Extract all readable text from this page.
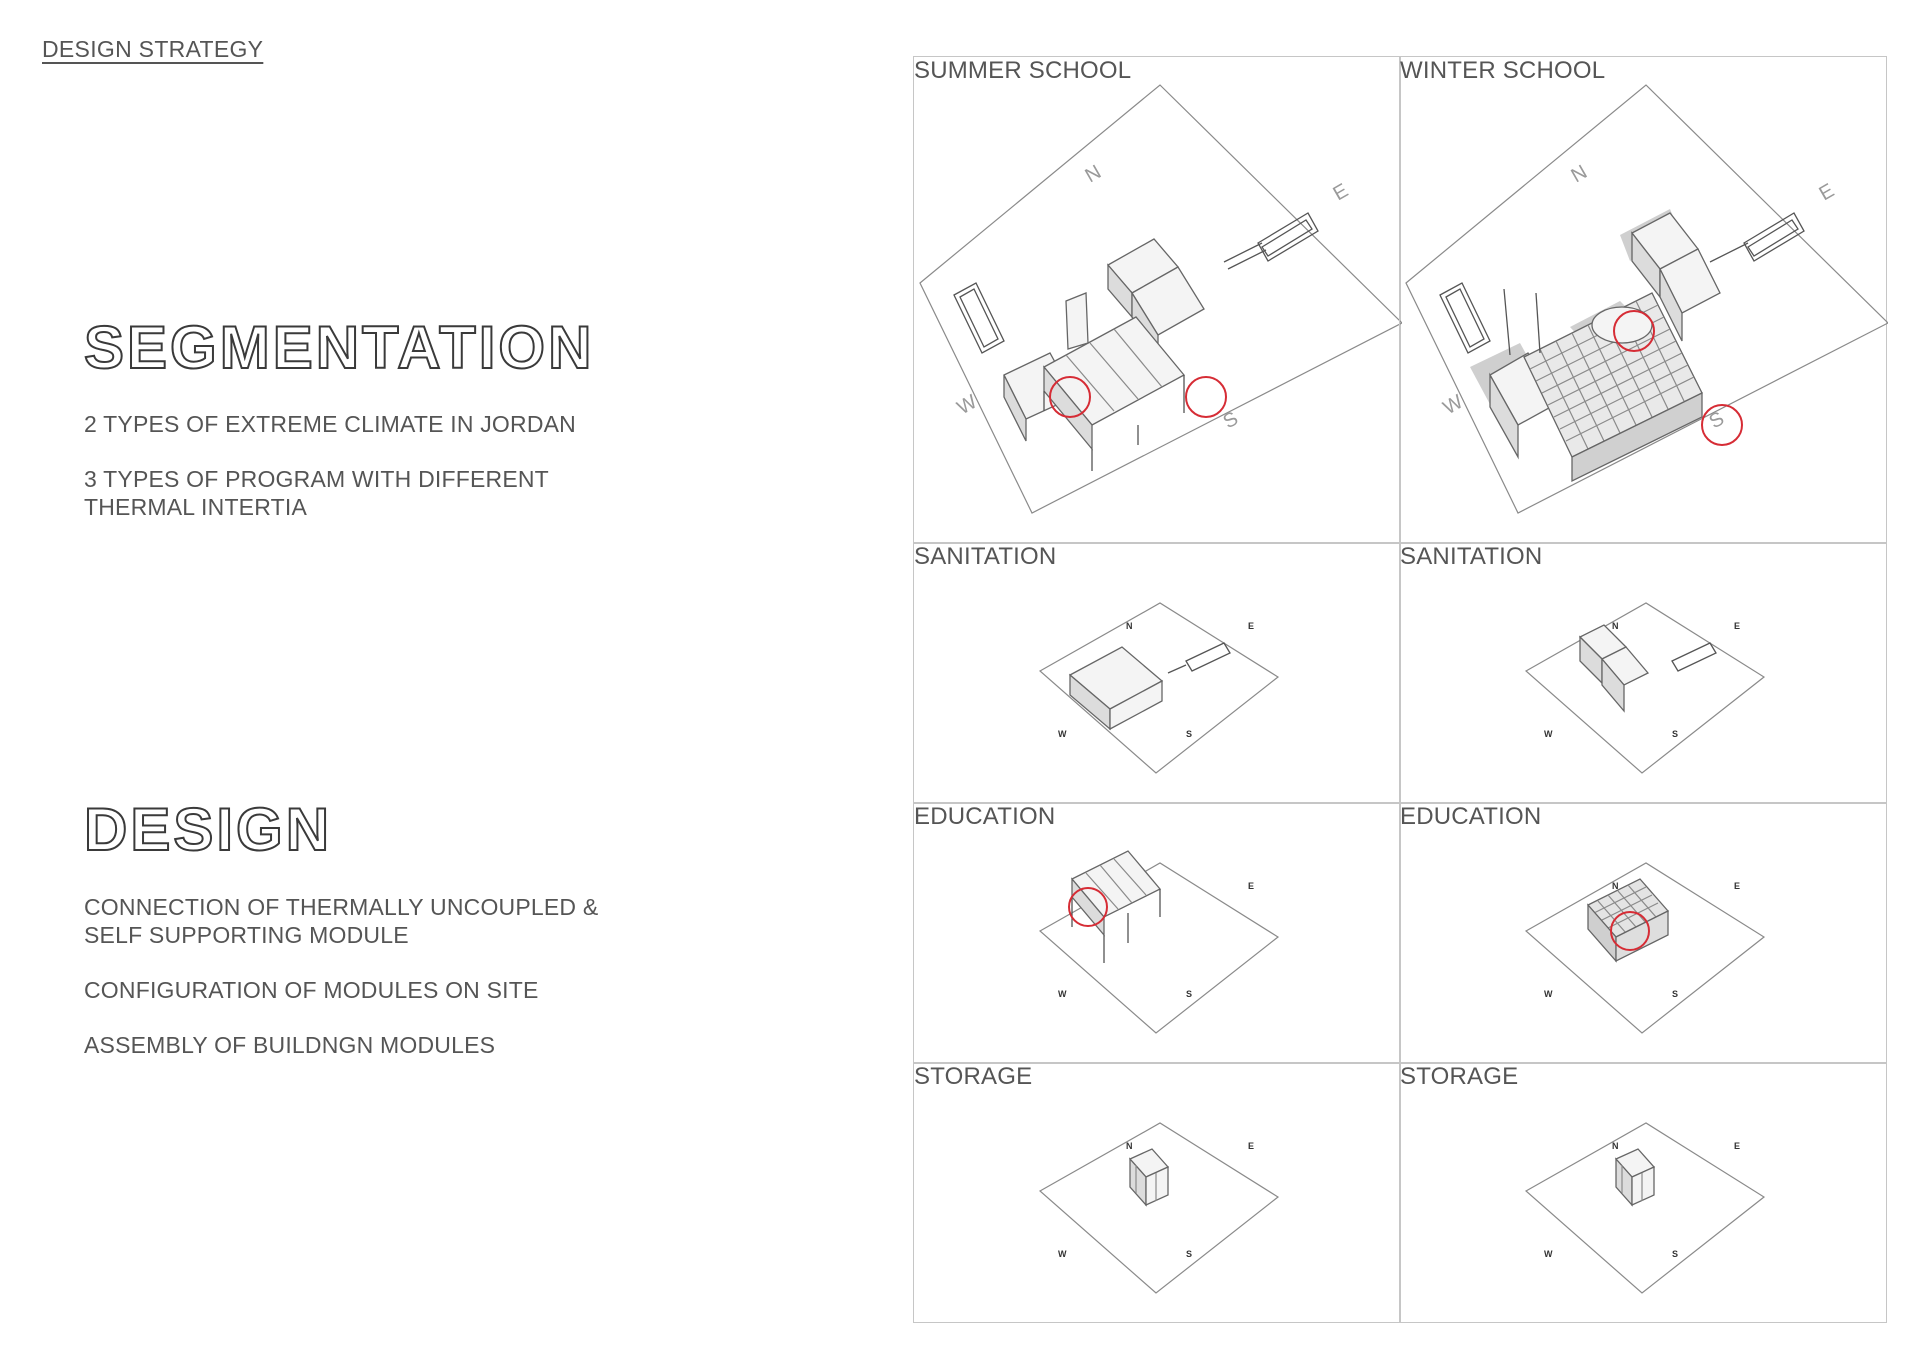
DESIGN STRATEGY
SEGMENTATION
2 TYPES OF EXTREME CLIMATE IN JORDAN
3 TYPES OF PROGRAM WITH DIFFERENT THERMAL INTERTIA
DESIGN
CONNECTION OF THERMALLY UNCOUPLED & SELF SUPPORTING MODULE
CONFIGURATION OF MODULES ON SITE
ASSEMBLY OF BUILDNGN MODULES
N
E
W
S
SUMMER SCHOOL
N
E
W
S
WINTER SCHOOL
N	E
W	S
SANITATION
N	E
W	S
SANITATION
E
W	S
EDUCATION
N	E
W	S
EDUCATION
N	E
W	S
STORAGE
N	E
W	S
STORAGE
